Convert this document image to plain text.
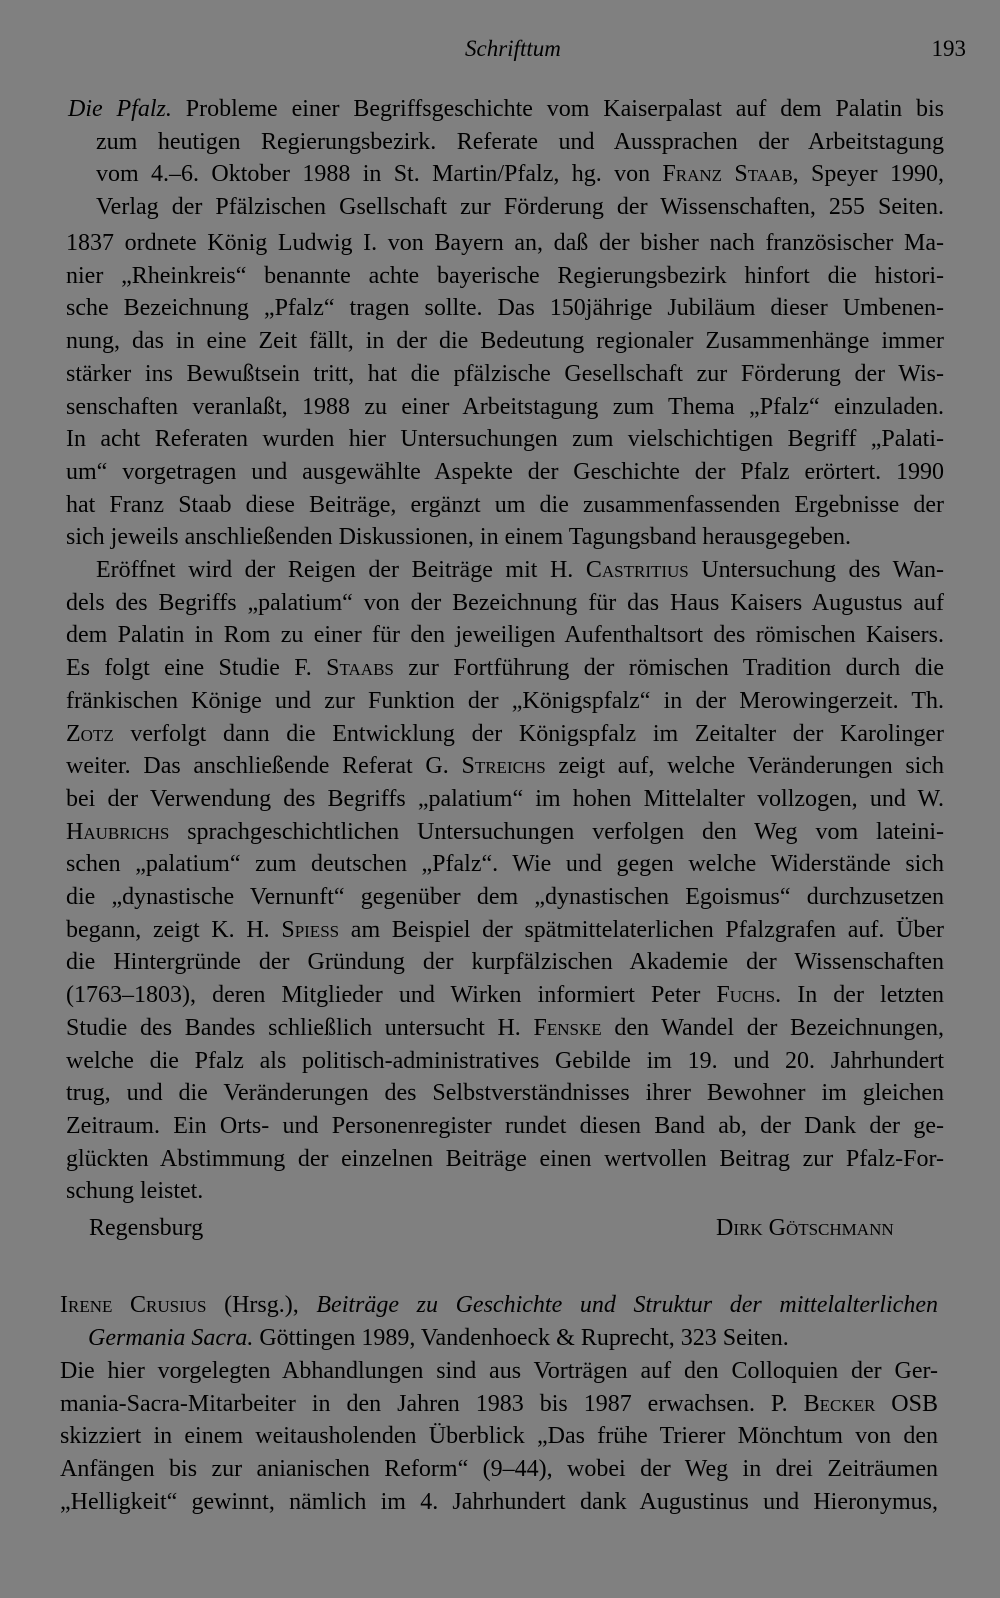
Schrifttum	193
Die Pfalz. Probleme einer Begriffsgeschichte vom Kaiserpalast auf dem Palatin bis
zum heutigen Regierungsbezirk. Referate und Aussprachen der Arbeitstagung
vom 4.–6. Oktober 1988 in St. Martin/Pfalz, hg. von Franz Staab, Speyer 1990,
Verlag der Pfälzischen Gsellschaft zur Förderung der Wissenschaften, 255 Seiten.
1837 ordnete König Ludwig I. von Bayern an, daß der bisher nach französischer Ma-
nier „Rheinkreis“ benannte achte bayerische Regierungsbezirk hinfort die histori-
sche Bezeichnung „Pfalz“ tragen sollte. Das 150jährige Jubiläum dieser Umbenen-
nung, das in eine Zeit fällt, in der die Bedeutung regionaler Zusammenhänge immer
stärker ins Bewußtsein tritt, hat die pfälzische Gesellschaft zur Förderung der Wis-
senschaften veranlaßt, 1988 zu einer Arbeitstagung zum Thema „Pfalz“ einzuladen.
In acht Referaten wurden hier Untersuchungen zum vielschichtigen Begriff „Palati-
um“ vorgetragen und ausgewählte Aspekte der Geschichte der Pfalz erörtert. 1990
hat Franz Staab diese Beiträge, ergänzt um die zusammenfassenden Ergebnisse der
sich jeweils anschließenden Diskussionen, in einem Tagungsband herausgegeben.
Eröffnet wird der Reigen der Beiträge mit H. Castritius Untersuchung des Wan-
dels des Begriffs „palatium“ von der Bezeichnung für das Haus Kaisers Augustus auf
dem Palatin in Rom zu einer für den jeweiligen Aufenthaltsort des römischen Kaisers.
Es folgt eine Studie F. Staabs zur Fortführung der römischen Tradition durch die
fränkischen Könige und zur Funktion der „Königspfalz“ in der Merowingerzeit. Th.
Zotz verfolgt dann die Entwicklung der Königspfalz im Zeitalter der Karolinger
weiter. Das anschließende Referat G. Streichs zeigt auf, welche Veränderungen sich
bei der Verwendung des Begriffs „palatium“ im hohen Mittelalter vollzogen, und W.
Haubrichs sprachgeschichtlichen Untersuchungen verfolgen den Weg vom lateini-
schen „palatium“ zum deutschen „Pfalz“. Wie und gegen welche Widerstände sich
die „dynastische Vernunft“ gegenüber dem „dynastischen Egoismus“ durchzusetzen
begann, zeigt K. H. Spiess am Beispiel der spätmittelaterlichen Pfalzgrafen auf. Über
die Hintergründe der Gründung der kurpfälzischen Akademie der Wissenschaften
(1763–1803), deren Mitglieder und Wirken informiert Peter Fuchs. In der letzten
Studie des Bandes schließlich untersucht H. Fenske den Wandel der Bezeichnungen,
welche die Pfalz als politisch-administratives Gebilde im 19. und 20. Jahrhundert
trug, und die Veränderungen des Selbstverständnisses ihrer Bewohner im gleichen
Zeitraum. Ein Orts- und Personenregister rundet diesen Band ab, der Dank der ge-
glückten Abstimmung der einzelnen Beiträge einen wertvollen Beitrag zur Pfalz-For-
schung leistet.
Irene Crusius (Hrsg.), Beiträge zu Geschichte und Struktur der mittelalterlichen
Germania Sacra. Göttingen 1989, Vandenhoeck & Ruprecht, 323 Seiten.
Die hier vorgelegten Abhandlungen sind aus Vorträgen auf den Colloquien der Ger-
mania-Sacra-Mitarbeiter in den Jahren 1983 bis 1987 erwachsen. P. Becker OSB
skizziert in einem weitausholenden Überblick „Das frühe Trierer Mönchtum von den
Anfängen bis zur anianischen Reform“ (9–44), wobei der Weg in drei Zeiträumen
„Helligkeit“ gewinnt, nämlich im 4. Jahrhundert dank Augustinus und Hieronymus,
Regensburg	Dirk Götschmann
